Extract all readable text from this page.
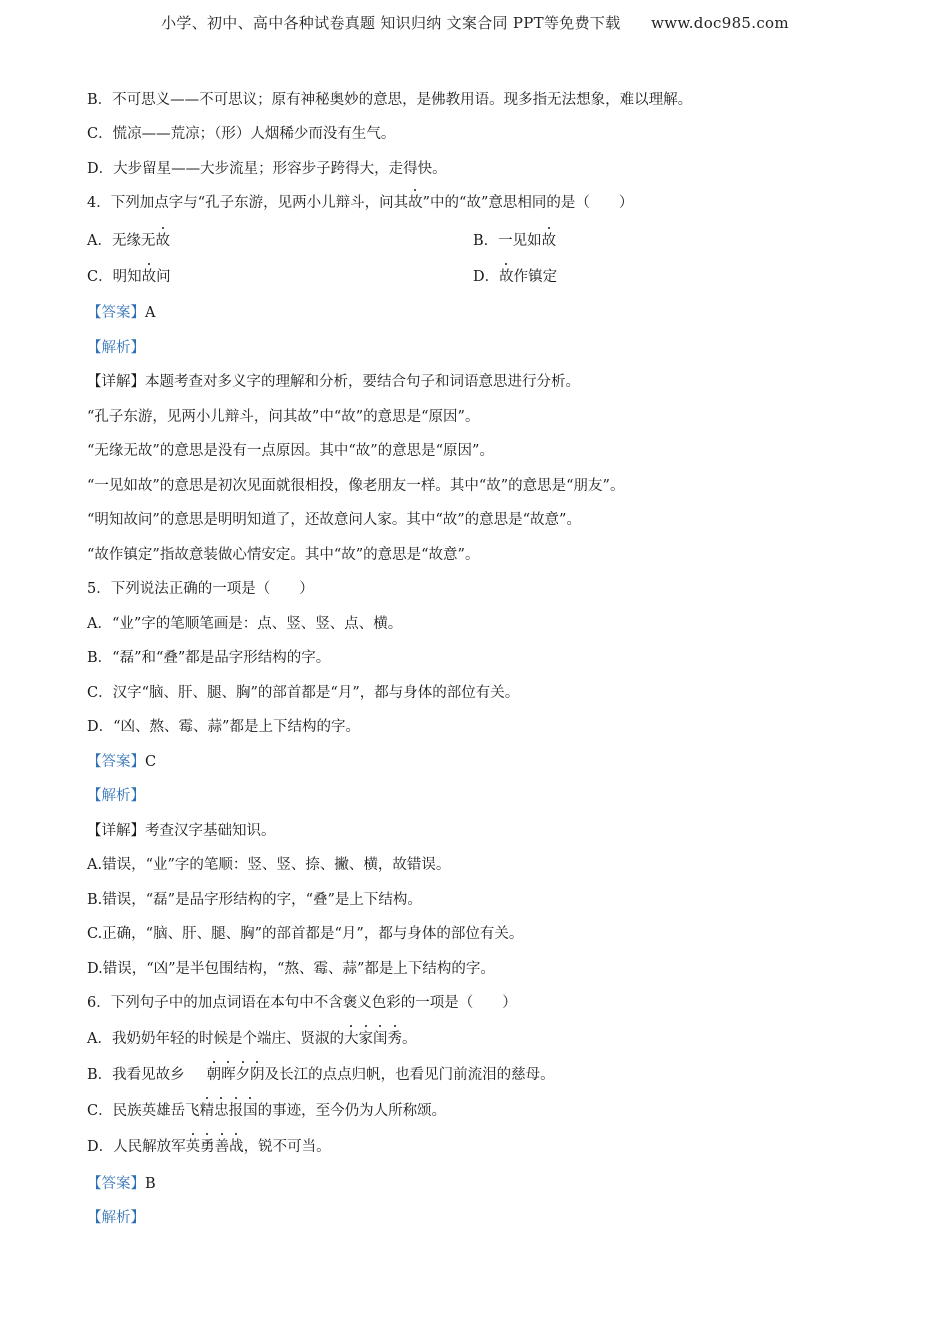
小学、初中、高中各种试卷真题 知识归纳 文案合同 PPT等免费下载　　www.doc985.com
B．不可思义——不可思议；原有神秘奥妙的意思，是佛教用语。现多指无法想象，难以理解。
C．慌凉——荒凉；（形）人烟稀少而没有生气。
D．大步留星——大步流星；形容步子跨得大，走得快。
4．下列加点字与“孔子东游，见两小儿辩斗，问其故”中的“故”意思相同的是（　　）
A．无缘无故	B．一见如故
C．明知故问	D．故作镇定
【答案】A
【解析】
【详解】本题考查对多义字的理解和分析，要结合句子和词语意思进行分析。
“孔子东游，见两小儿辩斗，问其故”中“故”的意思是“原因”。
“无缘无故”的意思是没有一点原因。其中“故”的意思是“原因”。
“一见如故”的意思是初次见面就很相投，像老朋友一样。其中“故”的意思是“朋友”。
“明知故问”的意思是明明知道了，还故意问人家。其中“故”的意思是“故意”。
“故作镇定”指故意装做心情安定。其中“故”的意思是“故意”。
5．下列说法正确的一项是（　　）
A．“业”字的笔顺笔画是：点、竖、竖、点、横。
B．“磊”和“叠”都是品字形结构的字。
C．汉字“脑、肝、腿、胸”的部首都是“月”，都与身体的部位有关。
D．“凶、熬、霉、蒜”都是上下结构的字。
【答案】C
【解析】
【详解】考查汉字基础知识。
A.错误，“业”字的笔顺：竖、竖、捺、撇、横，故错误。
B.错误，“磊”是品字形结构的字，“叠”是上下结构。
C.正确，“脑、肝、腿、胸”的部首都是“月”，都与身体的部位有关。
D.错误，“凶”是半包围结构，“熬、霉、蒜”都是上下结构的字。
6．下列句子中的加点词语在本句中不含褒义色彩的一项是（　　）
A．我奶奶年轻的时候是个端庄、贤淑的大家闺秀。
B．我看见故乡 朝晖夕阴及长江的点点归帆，也看见门前流泪的慈母。
C．民族英雄岳飞精忠报国的事迹，至今仍为人所称颂。
D．人民解放军英勇善战，锐不可当。
【答案】B
【解析】
